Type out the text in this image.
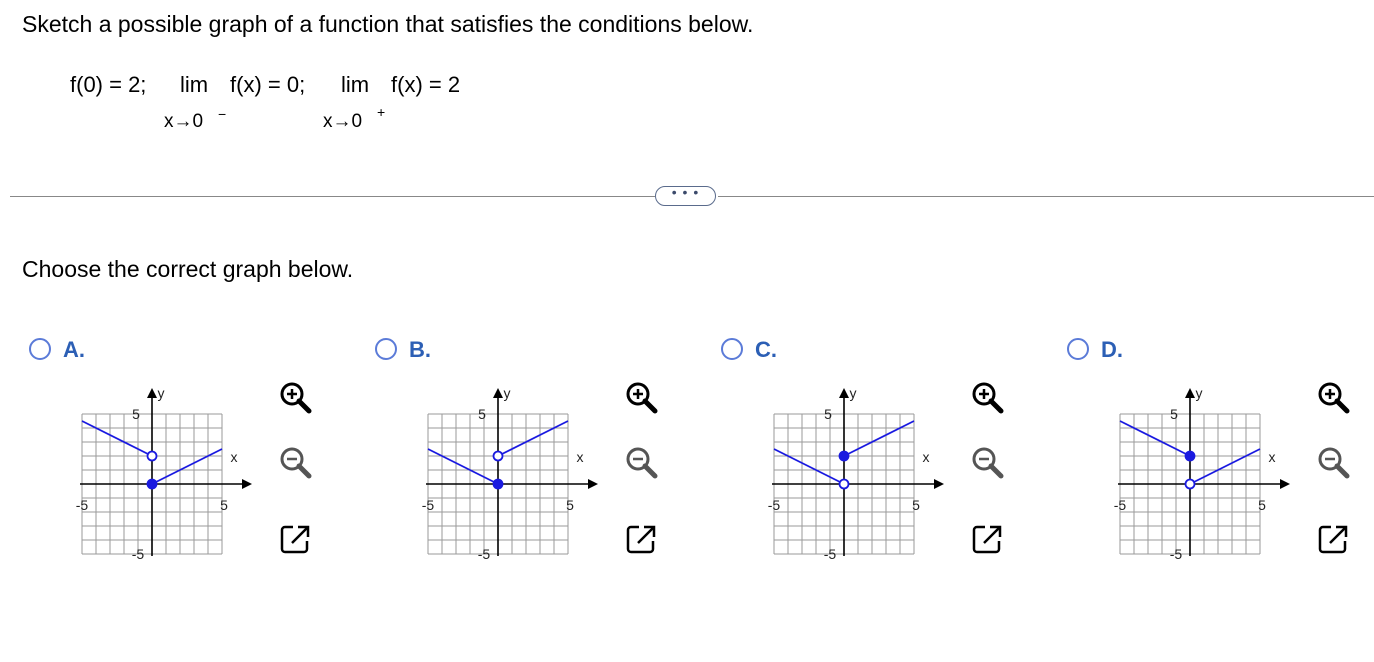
Sketch a possible graph of a function that satisfies the conditions below.
f(0) = 2; lim f(x) = 0;
x→0 −
lim f(x) = 2
x→0 +
• • •
Choose the correct graph below.
A.
5
-5
-5	5
x
y
B.
5
-5
-5	5
x
y
C.
5
-5
-5	5
x
y
D.
5
-5
-5	5
x
y
